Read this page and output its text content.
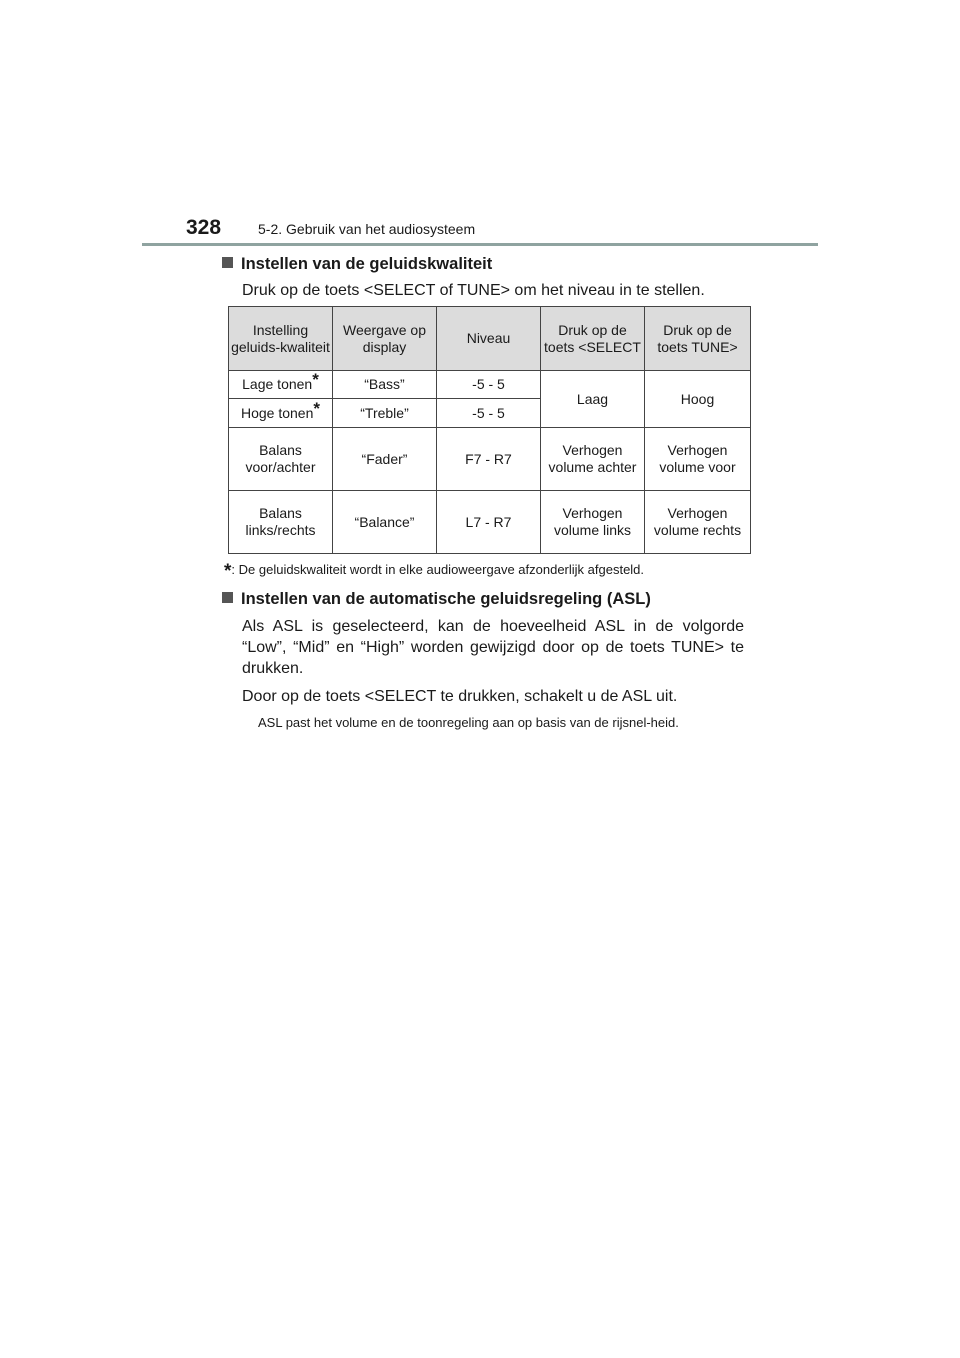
328	5-2. Gebruik van het audiosysteem
Instellen van de geluidskwaliteit
Druk op de toets <SELECT of TUNE> om het niveau in te stellen.
Instelling geluids-kwaliteit	Weergave op display	Niveau	Druk op de toets <SELECT	Druk op de toets TUNE>
Lage tonen*	“Bass”	-5 - 5	Laag	Hoog
Hoge tonen*	“Treble”	-5 - 5		
Balans voor/achter	“Fader”	F7 - R7	Verhogen volume achter	Verhogen volume voor
Balans links/rechts	“Balance”	L7 - R7	Verhogen volume links	Verhogen volume rechts
*: De geluidskwaliteit wordt in elke audioweergave afzonderlijk afgesteld.
Instellen van de automatische geluidsregeling (ASL)
Als ASL is geselecteerd, kan de hoeveelheid ASL in de volgorde “Low”, “Mid” en “High” worden gewijzigd door op de toets TUNE> te drukken.
Door op de toets <SELECT te drukken, schakelt u de ASL uit.
ASL past het volume en de toonregeling aan op basis van de rijsnel-heid.
